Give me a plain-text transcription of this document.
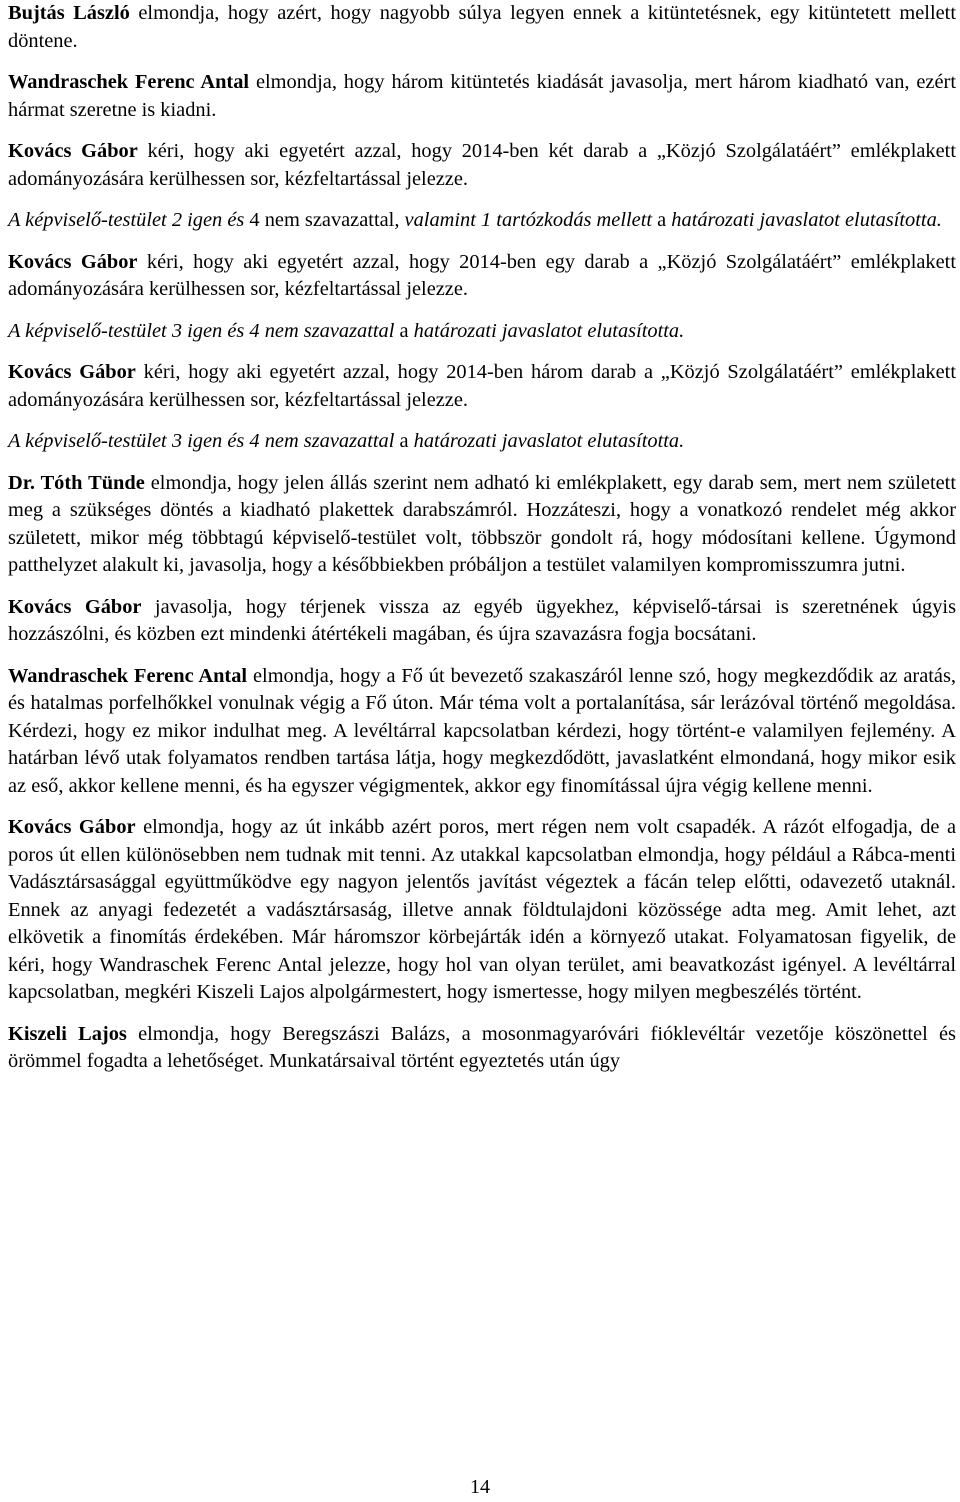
Bujtás László elmondja, hogy azért, hogy nagyobb súlya legyen ennek a kitüntetésnek, egy kitüntetett mellett döntene.

Wandraschek Ferenc Antal elmondja, hogy három kitüntetés kiadását javasolja, mert három kiadható van, ezért hármat szeretne is kiadni.

Kovács Gábor kéri, hogy aki egyetért azzal, hogy 2014-ben két darab a „Közjó Szolgálatáért” emlékplakett adományozására kerülhessen sor, kézfeltartással jelezze.

A képviselő-testület 2 igen és 4 nem szavazattal, valamint 1 tartózkodás mellett a határozati javaslatot elutasította.

Kovács Gábor kéri, hogy aki egyetért azzal, hogy 2014-ben egy darab a „Közjó Szolgálatáért” emlékplakett adományozására kerülhessen sor, kézfeltartással jelezze.

A képviselő-testület 3 igen és 4 nem szavazattal a határozati javaslatot elutasította.

Kovács Gábor kéri, hogy aki egyetért azzal, hogy 2014-ben három darab a „Közjó Szolgálatáért” emlékplakett adományozására kerülhessen sor, kézfeltartással jelezze.

A képviselő-testület 3 igen és 4 nem szavazattal a határozati javaslatot elutasította.

Dr. Tóth Tünde elmondja, hogy jelen állás szerint nem adható ki emlékplakett, egy darab sem, mert nem született meg a szükséges döntés a kiadható plakettek darabszámról. Hozzáteszi, hogy a vonatkozó rendelet még akkor született, mikor még többtagú képviselő-testület volt, többször gondolt rá, hogy módosítani kellene. Úgymond patthelyzet alakult ki, javasolja, hogy a későbbiekben próbáljon a testület valamilyen kompromisszumra jutni.

Kovács Gábor javasolja, hogy térjenek vissza az egyéb ügyekhez, képviselő-társai is szeretnének úgyis hozzászólni, és közben ezt mindenki átértékeli magában, és újra szavazásra fogja bocsátani.

Wandraschek Ferenc Antal elmondja, hogy a Fő út bevezető szakaszáról lenne szó, hogy megkezdődik az aratás, és hatalmas porfelhőkkel vonulnak végig a Fő úton. Már téma volt a portalanítása, sár lerázóval történő megoldása. Kérdezi, hogy ez mikor indulhat meg. A levéltárral kapcsolatban kérdezi, hogy történt-e valamilyen fejlemény. A határban lévő utak folyamatos rendben tartása látja, hogy megkezdődött, javaslatként elmondaná, hogy mikor esik az eső, akkor kellene menni, és ha egyszer végigmentek, akkor egy finomítással újra végig kellene menni.

Kovács Gábor elmondja, hogy az út inkább azért poros, mert régen nem volt csapadék. A rázót elfogadja, de a poros út ellen különösebben nem tudnak mit tenni. Az utakkal kapcsolatban elmondja, hogy például a Rábca-menti Vadásztársasággal együttműködve egy nagyon jelentős javítást végeztek a fácán telep előtti, odavezető utaknál. Ennek az anyagi fedezetét a vadásztársaság, illetve annak földtulajdoni közössége adta meg. Amit lehet, azt elkövetik a finomítás érdekében. Már háromszor körbejárták idén a környező utakat. Folyamatosan figyelik, de kéri, hogy Wandraschek Ferenc Antal jelezze, hogy hol van olyan terület, ami beavatkozást igényel. A levéltárral kapcsolatban, megkéri Kiszeli Lajos alpolgármestert, hogy ismertesse, hogy milyen megbeszélés történt.

Kiszeli Lajos elmondja, hogy Beregszászi Balázs, a mosonmagyaróvári fióklevéltár vezetője köszönettel és örömmel fogadta a lehetőséget. Munkatársaival történt egyeztetés után úgy

14
